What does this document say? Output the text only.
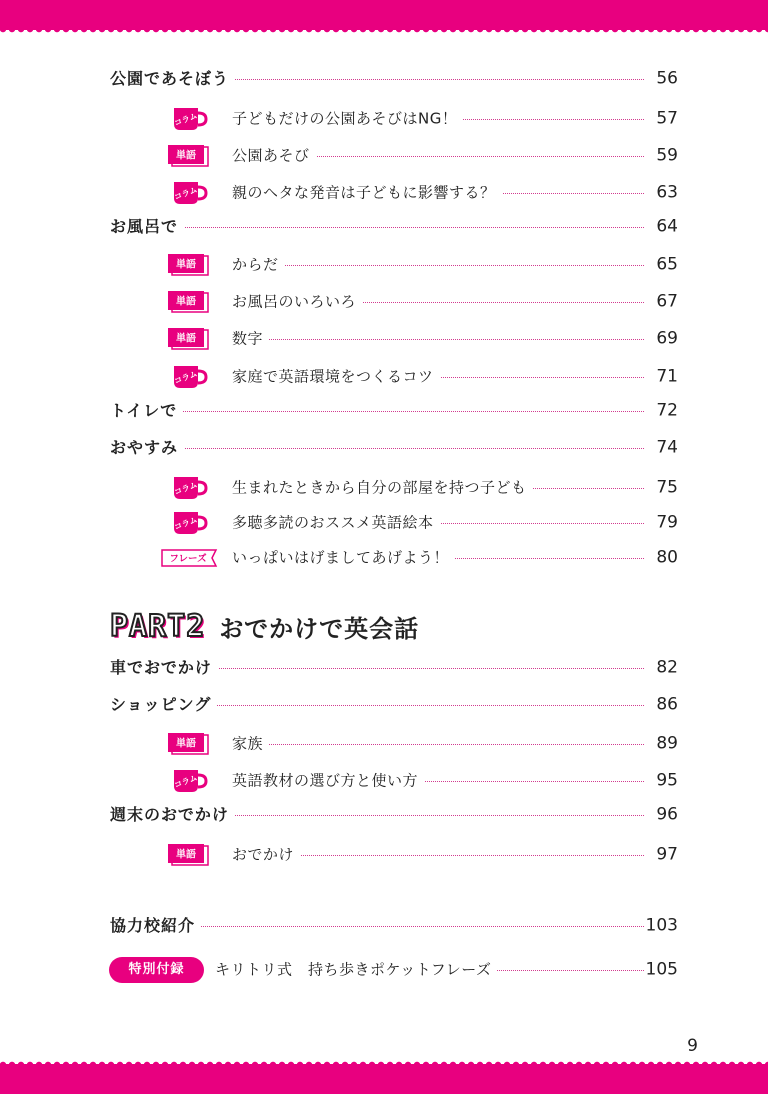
公園であそぼう	56
コラム 子どもだけの公園あそびはNG！	57
単語 公園あそび	59
コラム 親のヘタな発音は子どもに影響する？	63
お風呂で	64
単語 からだ	65
単語 お風呂のいろいろ	67
単語 数字	69
コラム 家庭で英語環境をつくるコツ	71
トイレで	72
おやすみ	74
コラム 生まれたときから自分の部屋を持つ子ども	75
コラム 多聴多読のおススメ英語絵本	79
フレーズ いっぱいはげましてあげよう！	80
車でおでかけ	82
ショッピング	86
単語 家族	89
コラム 英語教材の選び方と使い方	95
週末のおでかけ	96
単語 おでかけ	97
協力校紹介	103
特別付録	キリトリ式　持ち歩きポケットフレーズ	105
PART2 おでかけで英会話
9
